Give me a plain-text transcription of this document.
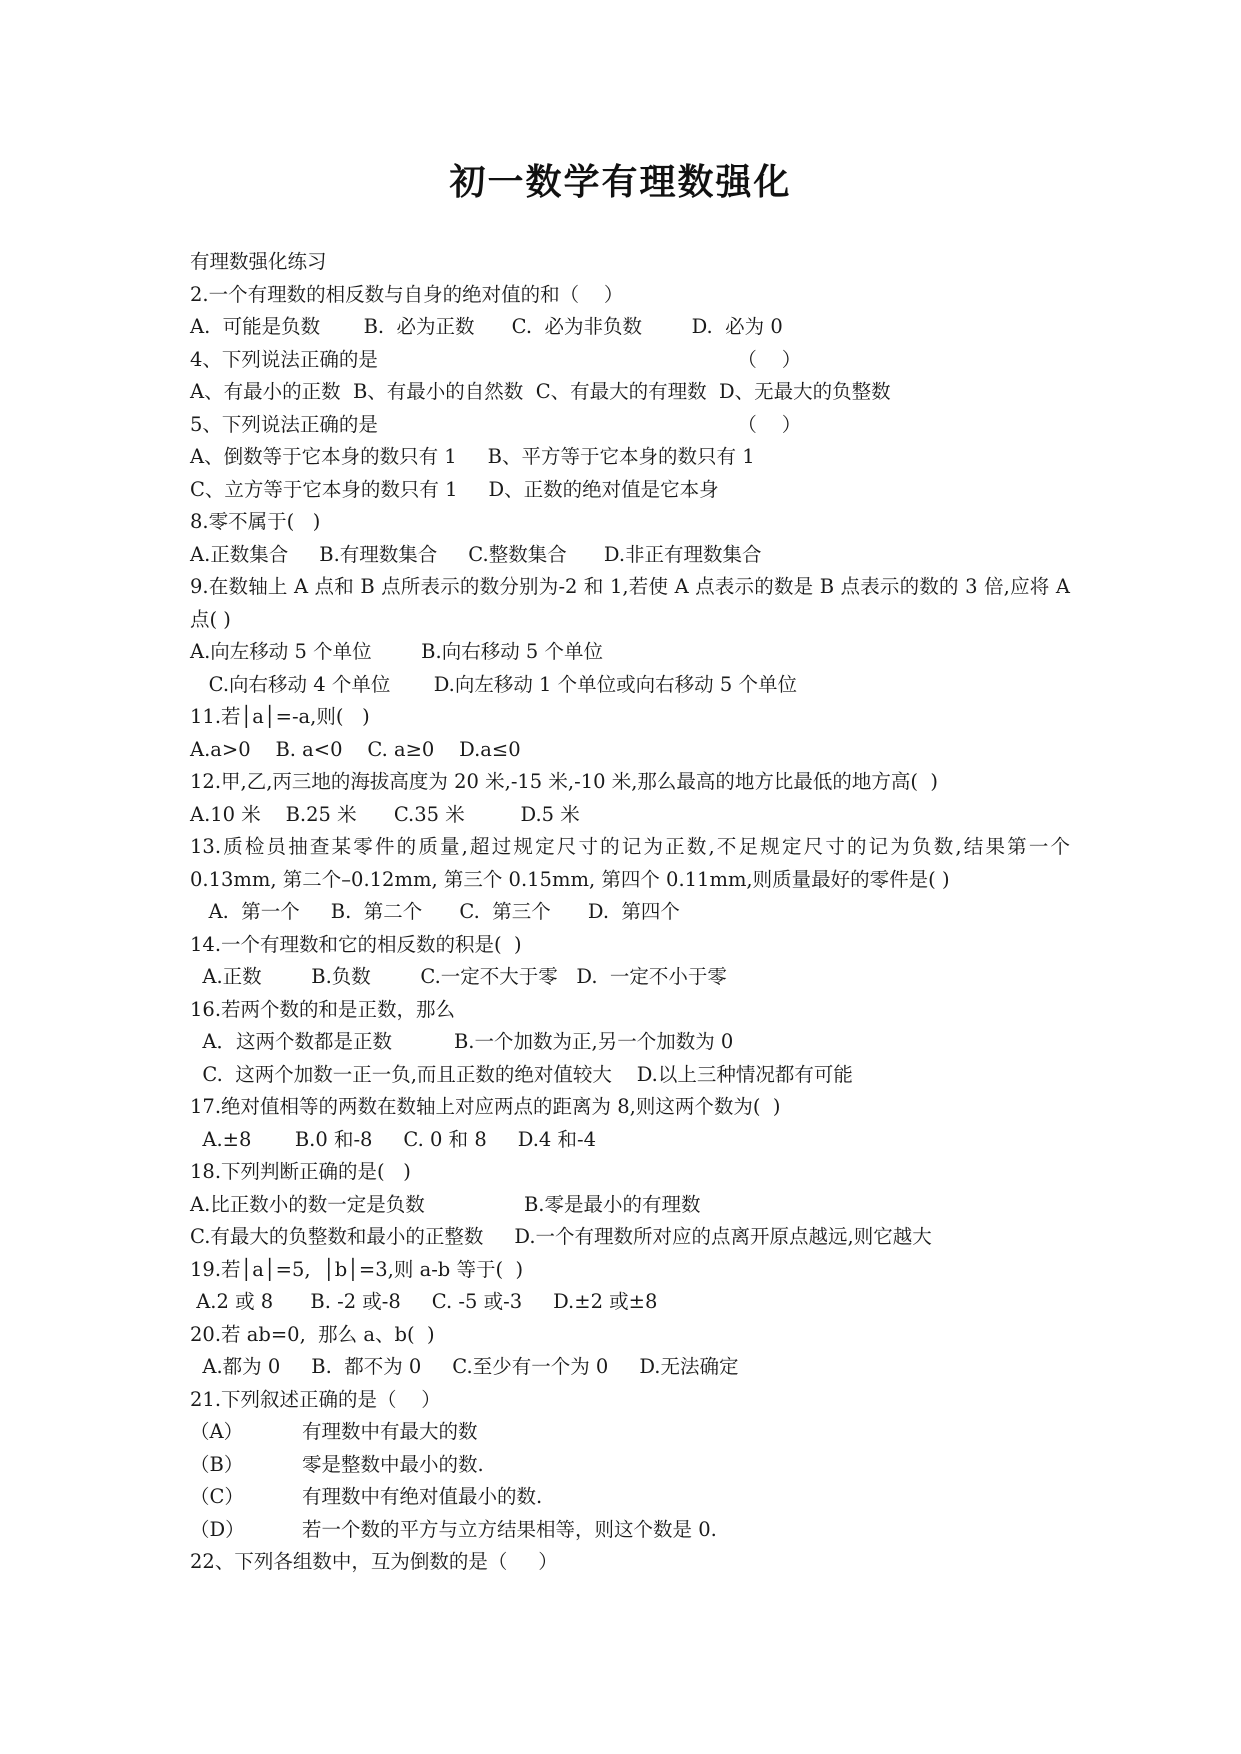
初一数学有理数强化
有理数强化练习
2.一个有理数的相反数与自身的绝对值的和（    ）
A.  可能是负数       B.  必为正数      C.  必为非负数        D.  必为 0
4、下列说法正确的是                                                          （    ）
A、有最小的正数  B、有最小的自然数  C、有最大的有理数  D、无最大的负整数
5、下列说法正确的是                                                          （    ）
A、倒数等于它本身的数只有 1     B、平方等于它本身的数只有 1
C、立方等于它本身的数只有 1     D、正数的绝对值是它本身
8.零不属于(   )
A.正数集合     B.有理数集合     C.整数集合      D.非正有理数集合
9.在数轴上 A 点和 B 点所表示的数分别为-2 和 1,若使 A 点表示的数是 B 点表示的数的 3 倍,应将 A 点( )
A.向左移动 5 个单位        B.向右移动 5 个单位
C.向右移动 4 个单位       D.向左移动 1 个单位或向右移动 5 个单位
11.若│a│=-a,则(   )
A.a>0    B. a<0    C. a≥0    D.a≤0
12.甲,乙,丙三地的海拔高度为 20 米,-15 米,-10 米,那么最高的地方比最低的地方高(  )
A.10 米    B.25 米      C.35 米         D.5 米
13.质检员抽查某零件的质量,超过规定尺寸的记为正数,不足规定尺寸的记为负数,结果第一个 0.13mm, 第二个–0.12mm, 第三个 0.15mm, 第四个 0.11mm,则质量最好的零件是( )
A.  第一个     B.  第二个      C.  第三个      D.  第四个
14.一个有理数和它的相反数的积是(  )
A.正数        B.负数        C.一定不大于零   D.  一定不小于零
16.若两个数的和是正数，那么
A．这两个数都是正数          B.一个加数为正,另一个加数为 0
C.  这两个加数一正一负,而且正数的绝对值较大    D.以上三种情况都有可能
17.绝对值相等的两数在数轴上对应两点的距离为 8,则这两个数为(  )
A.±8       B.0 和-8     C. 0 和 8     D.4 和-4
18.下列判断正确的是(   )
A.比正数小的数一定是负数                B.零是最小的有理数
C.有最大的负整数和最小的正整数     D.一个有理数所对应的点离开原点越远,则它越大
19.若│a│=5,  │b│=3,则 a-b 等于(  )
A.2 或 8      B. -2 或-8     C. -5 或-3     D.±2 或±8
20.若 ab=0,  那么 a、b(  )
A.都为 0     B.  都不为 0     C.至少有一个为 0     D.无法确定
21.下列叙述正确的是（    ）
（A）	有理数中有最大的数
（B）	零是整数中最小的数.
（C）	有理数中有绝对值最小的数.
（D）	若一个数的平方与立方结果相等，则这个数是 0.
22、下列各组数中，互为倒数的是（     ）
